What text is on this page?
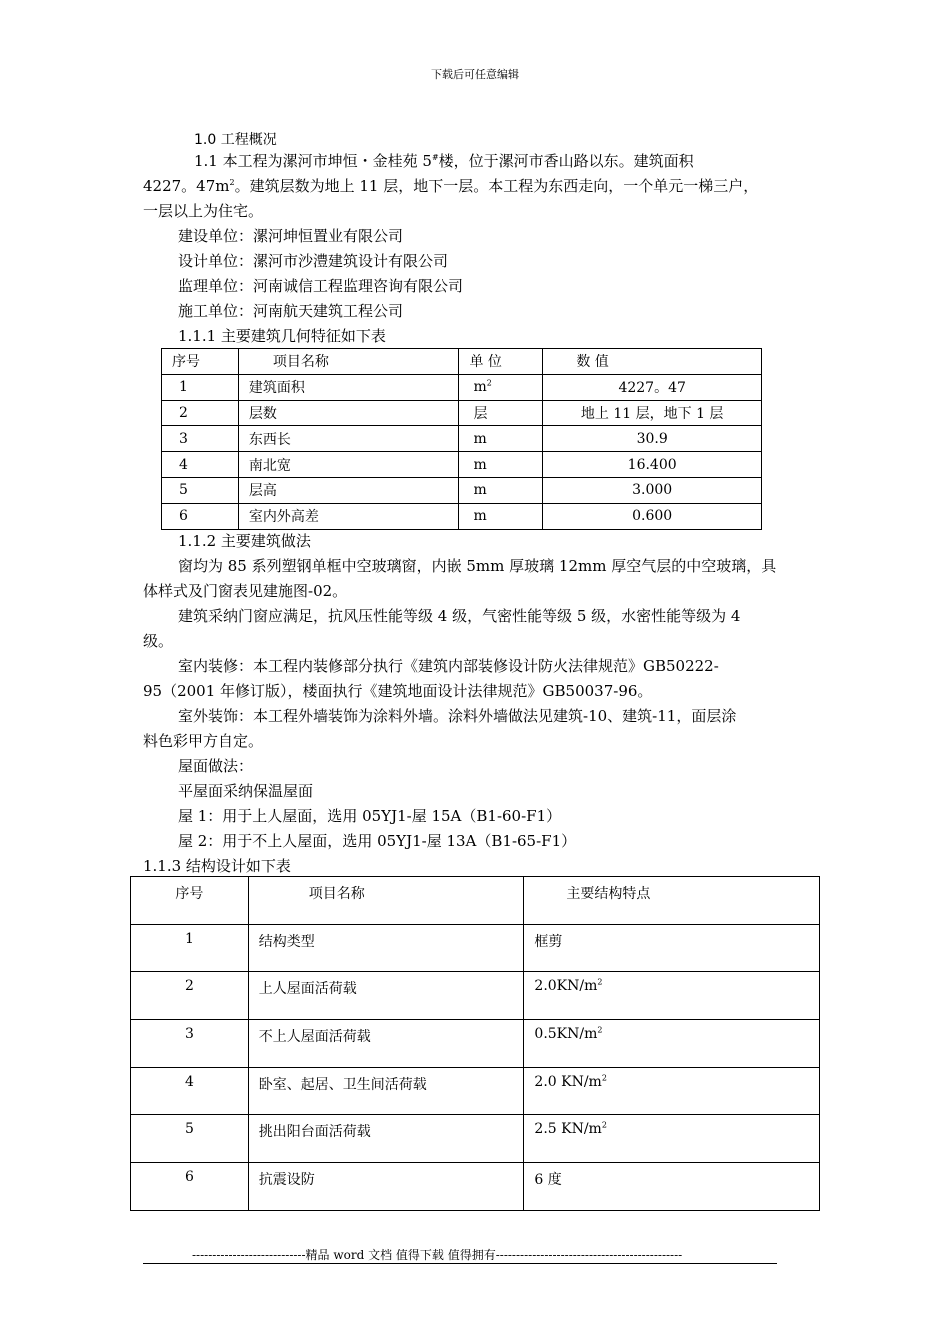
下载后可任意编辑
1.0 工程概况
1.1 本工程为漯河市坤恒・金桂苑 5#楼，位于漯河市香山路以东。建筑面积
4227。$47m^2$。建筑层数为地上 11 层，地下一层。本工程为东西走向，一个单元一梯三户，
一层以上为住宅。
建设单位：漯河坤恒置业有限公司
设计单位：漯河市沙澧建筑设计有限公司
监理单位：河南诚信工程监理咨询有限公司
施工单位：河南航天建筑工程公司
1.1.1 主要建筑几何特征如下表
序号	项目名称	单 位	数 值
1	建筑面积	$m^2$	4227。47
2	层数	层	地上 11 层，地下 1 层
3	东西长	m	30.9
4	南北宽	m	16.400
5	层高	m	3.000
6	室内外高差	m	0.600
1.1.2 主要建筑做法
窗均为 85 系列塑钢单框中空玻璃窗，内嵌 5mm 厚玻璃 12mm 厚空气层的中空玻璃，具
体样式及门窗表见建施图-02。
建筑采纳门窗应满足，抗风压性能等级 4 级，气密性能等级 5 级，水密性能等级为 4
级。
室内装修：本工程内装修部分执行《建筑内部装修设计防火法律规范》GB50222-
95（2001 年修订版），楼面执行《建筑地面设计法律规范》GB50037-96。
室外装饰：本工程外墙装饰为涂料外墙。涂料外墙做法见建筑-10、建筑-11，面层涂
料色彩甲方自定。
屋面做法：
平屋面采纳保温屋面
屋 1：用于上人屋面，选用 05YJ1-屋 15A（B1-60-F1）
屋 2：用于不上人屋面，选用 05YJ1-屋 13A（B1-65-F1）
1.1.3 结构设计如下表
序号	项目名称	主要结构特点
1	结构类型	框剪
2	上人屋面活荷载	$2.0KN/m^2$
3	不上人屋面活荷载	$0.5KN/m^2$
4	卧室、起居、卫生间活荷载	2.0 $KN/m^2$
5	挑出阳台面活荷载	2.5 $KN/m^2$
6	抗震设防	6 度
----------------------------精品 word 文档 值得下载 值得拥有----------------------------------------------
